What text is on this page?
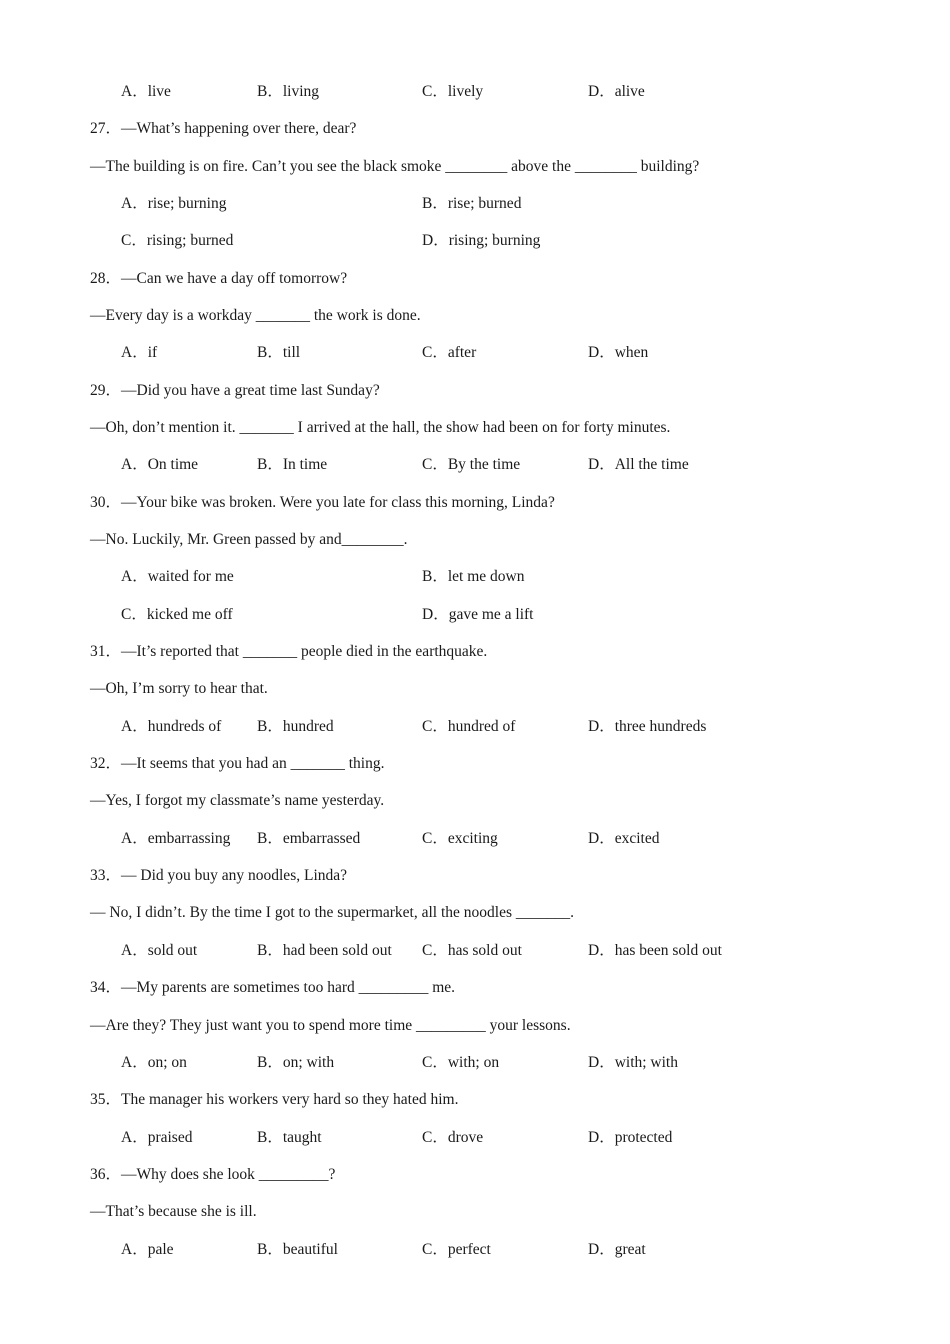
A．live	B．living	C．lively	D．alive
27．—What’s happening over there, dear?
—The building is on fire. Can’t you see the black smoke ________ above the ________ building?
A．rise; burning	B．rise; burned
C．rising; burned	D．rising; burning
28．—Can we have a day off tomorrow?
—Every day is a workday _______ the work is done.
A．if	B．till	C．after	D．when
29．—Did you have a great time last Sunday?
—Oh, don’t mention it. _______ I arrived at the hall, the show had been on for forty minutes.
A．On time	B．In time	C．By the time	D．All the time
30．—Your bike was broken. Were you late for class this morning, Linda?
—No. Luckily, Mr. Green passed by and________.
A．waited for me	B．let me down
C．kicked me off	D．gave me a lift
31．—It’s reported that _______ people died in the earthquake.
—Oh, I’m sorry to hear that.
A．hundreds of B．hundred	C．hundred of	D．three hundreds
32．—It seems that you had an _______ thing.
—Yes, I forgot my classmate’s name yesterday.
A．embarrassing B．embarrassed	C．exciting	D．excited
33．— Did you buy any noodles, Linda?
— No, I didn’t. By the time I got to the supermarket, all the noodles _______.
A．sold out	B．had been sold out C．has sold out	D．has been sold out
34．—My parents are sometimes too hard _________ me.
—Are they? They just want you to spend more time _________ your lessons.
A．on; on	B．on; with	C．with; on	D．with; with
35．The manager his workers very hard so they hated him.
A．praised	B．taught	C．drove	D．protected
36．—Why does she look _________?
—That’s because she is ill.
A．pale	B．beautiful	C．perfect	D．great
